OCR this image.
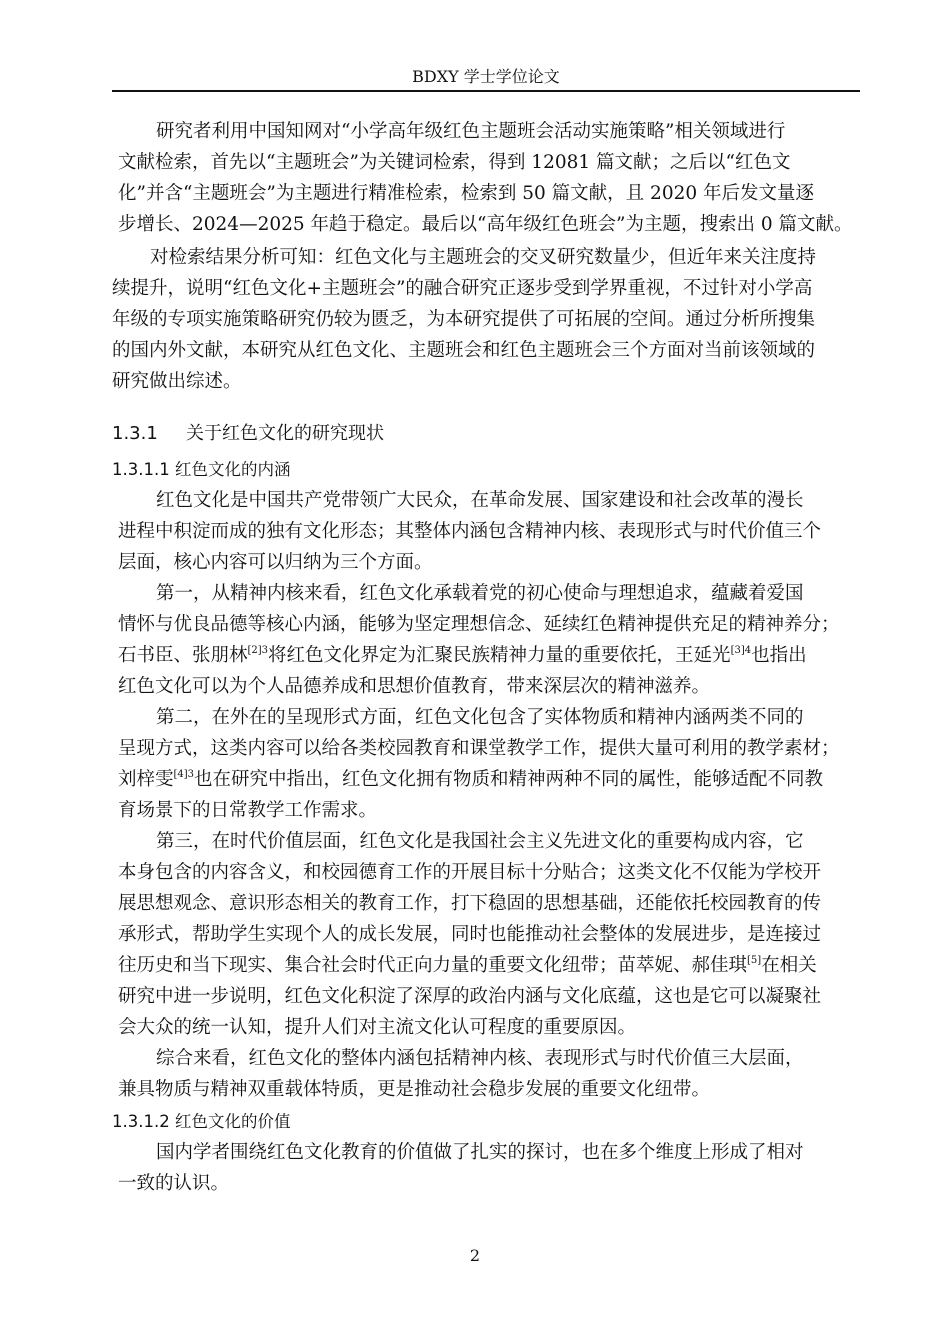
BDXY 学士学位论文

研究者利用中国知网对“小学高年级红色主题班会活动实施策略”相关领域进行

文献检索，首先以“主题班会”为关键词检索，得到 12081 篇文献；之后以“红色文

化”并含“主题班会”为主题进行精准检索，检索到 50 篇文献，且 2020 年后发文量逐

步增长、2024—2025 年趋于稳定。最后以“高年级红色班会”为主题，搜索出 0 篇文献。

对检索结果分析可知：红色文化与主题班会的交叉研究数量少，但近年来关注度持

续提升，说明“红色文化+主题班会”的融合研究正逐步受到学界重视，不过针对小学高

年级的专项实施策略研究仍较为匮乏，为本研究提供了可拓展的空间。通过分析所搜集

的国内外文献，本研究从红色文化、主题班会和红色主题班会三个方面对当前该领域的

研究做出综述。

1.3.1 关于红色文化的研究现状
1.3.1.1 红色文化的内涵

红色文化是中国共产党带领广大民众，在革命发展、国家建设和社会改革的漫长

进程中积淀而成的独有文化形态；其整体内涵包含精神内核、表现形式与时代价值三个

层面，核心内容可以归纳为三个方面。

第一，从精神内核来看，红色文化承载着党的初心使命与理想追求，蕴藏着爱国

情怀与优良品德等核心内涵，能够为坚定理想信念、延续红色精神提供充足的精神养分；

石书臣、张朋林$^{[2]3}$将红色文化界定为汇聚民族精神力量的重要依托，王延光$^{[3]4}$也指出

红色文化可以为个人品德养成和思想价值教育，带来深层次的精神滋养。

第二，在外在的呈现形式方面，红色文化包含了实体物质和精神内涵两类不同的

呈现方式，这类内容可以给各类校园教育和课堂教学工作，提供大量可利用的教学素材；

刘梓雯$^{[4]3}$也在研究中指出，红色文化拥有物质和精神两种不同的属性，能够适配不同教

育场景下的日常教学工作需求。

第三，在时代价值层面，红色文化是我国社会主义先进文化的重要构成内容，它

本身包含的内容含义，和校园德育工作的开展目标十分贴合；这类文化不仅能为学校开

展思想观念、意识形态相关的教育工作，打下稳固的思想基础，还能依托校园教育的传

承形式，帮助学生实现个人的成长发展，同时也能推动社会整体的发展进步，是连接过

往历史和当下现实、集合社会时代正向力量的重要文化纽带；苗萃妮、郝佳琪[5]在相关

研究中进一步说明，红色文化积淀了深厚的政治内涵与文化底蕴，这也是它可以凝聚社

会大众的统一认知，提升人们对主流文化认可程度的重要原因。

综合来看，红色文化的整体内涵包括精神内核、表现形式与时代价值三大层面，

兼具物质与精神双重载体特质，更是推动社会稳步发展的重要文化纽带。

1.3.1.2 红色文化的价值

国内学者围绕红色文化教育的价值做了扎实的探讨，也在多个维度上形成了相对

一致的认识。

2
